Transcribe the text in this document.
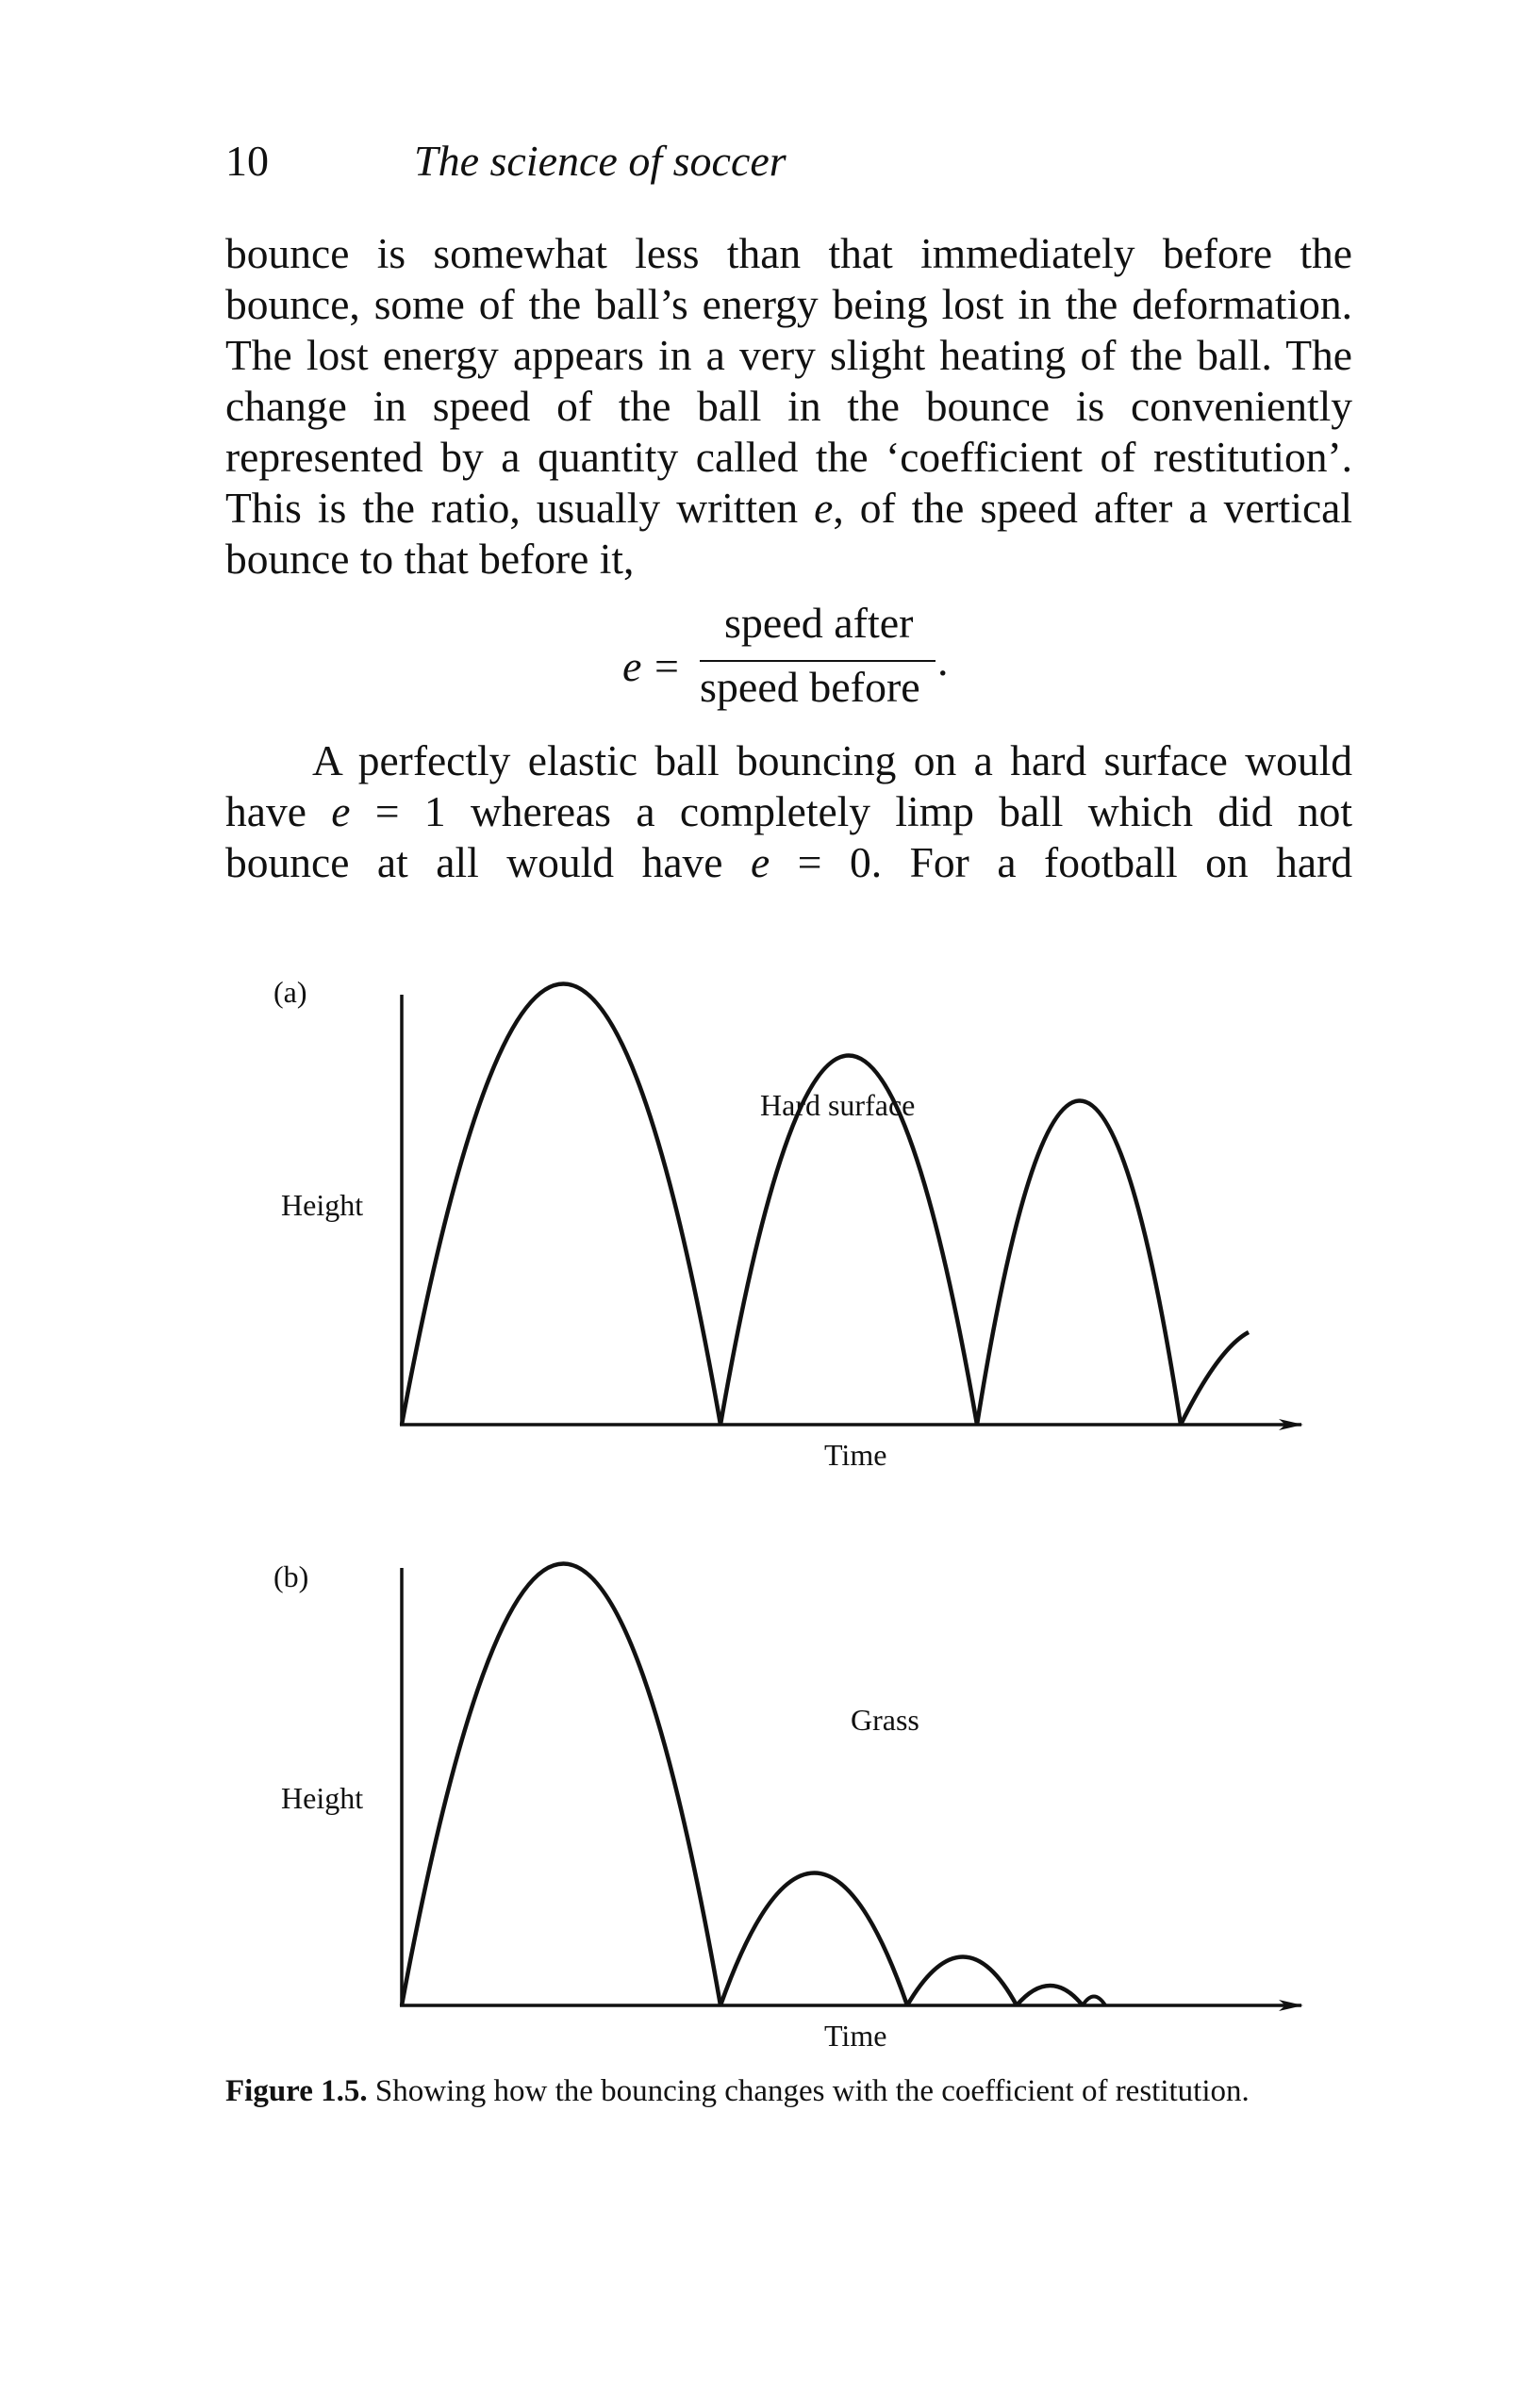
10	The science of soccer
bounce is somewhat less than that immediately before the
bounce, some of the ball’s energy being lost in the deformation.
The lost energy appears in a very slight heating of the ball. The
change in speed of the ball in the bounce is conveniently
represented by a quantity called the ‘coefficient of restitution’.
This is the ratio, usually written e, of the speed after a vertical
bounce to that before it,
e =
speed after
speed before
.
A perfectly elastic ball bouncing on a hard surface would
have e = 1 whereas a completely limp ball which did not
bounce at all would have e = 0. For a football on hard
(a)
Height
Time
Hard surface
(b)
Height
Time
Grass
Figure 1.5. Showing how the bouncing changes with the coefficient of restitution.
